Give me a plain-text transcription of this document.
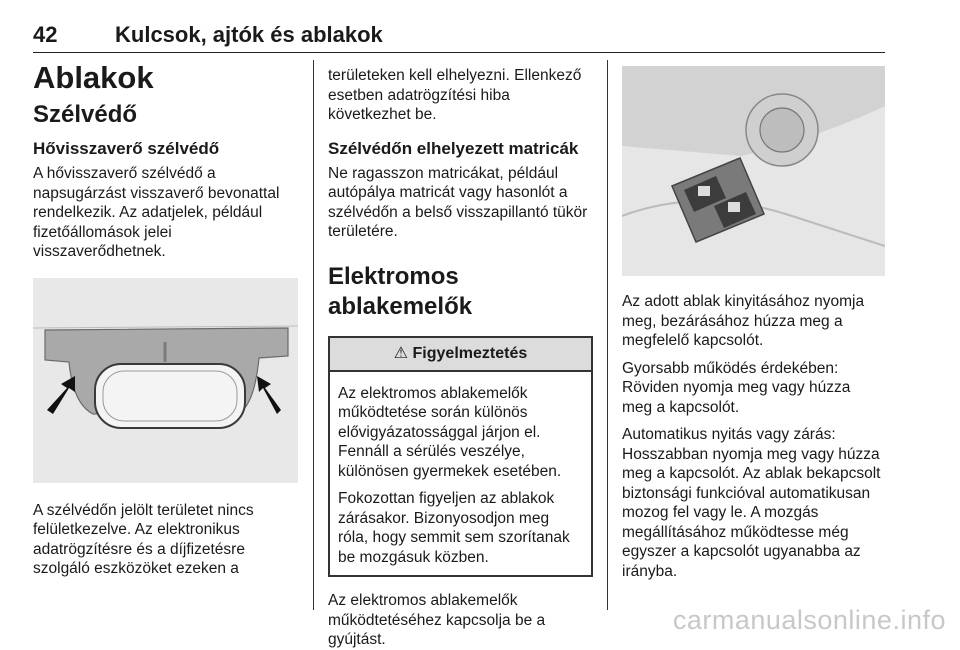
42	Kulcsok, ajtók és ablakok
Ablakok
Szélvédő
Hővisszaverő szélvédő

A hővisszaverő szélvédő a
napsugárzást visszaverő bevonattal
rendelkezik. Az adatjelek, például
fizetőállomások jelei
visszaverődhetnek.

A szélvédőn jelölt területet nincs
felületkezelve. Az elektronikus
adatrögzítésre és a díjfizetésre
szolgáló eszközöket ezeken a

területeken kell elhelyezni. Ellenkező
esetben adatrögzítési hiba
következhet be.

Szélvédőn elhelyezett matricák

Ne ragasszon matricákat, például
autópálya matricát vagy hasonlót a
szélvédőn a belső visszapillantó tükör
területére.

Elektromos ablakemelők
⚠ Figyelmeztetés

Az elektromos ablakemelők
működtetése során különös
elővigyázatossággal járjon el.
Fennáll a sérülés veszélye,
különösen gyermekek esetében.

Fokozottan figyeljen az ablakok
zárásakor. Bizonyosodjon meg
róla, hogy semmit sem szorítanak
be mozgásuk közben.

Az elektromos ablakemelők
működtetéséhez kapcsolja be a
gyújtást.

Az adott ablak kinyitásához nyomja
meg, bezárásához húzza meg a
megfelelő kapcsolót.

Gyorsabb működés érdekében:
Röviden nyomja meg vagy húzza
meg a kapcsolót.

Automatikus nyitás vagy zárás:
Hosszabban nyomja meg vagy húzza
meg a kapcsolót. Az ablak bekapcsolt
biztonsági funkcióval automatikusan
mozog fel vagy le. A mozgás
megállításához működtesse még
egyszer a kapcsolót ugyanabba az
irányba.

carmanualsonline.info
